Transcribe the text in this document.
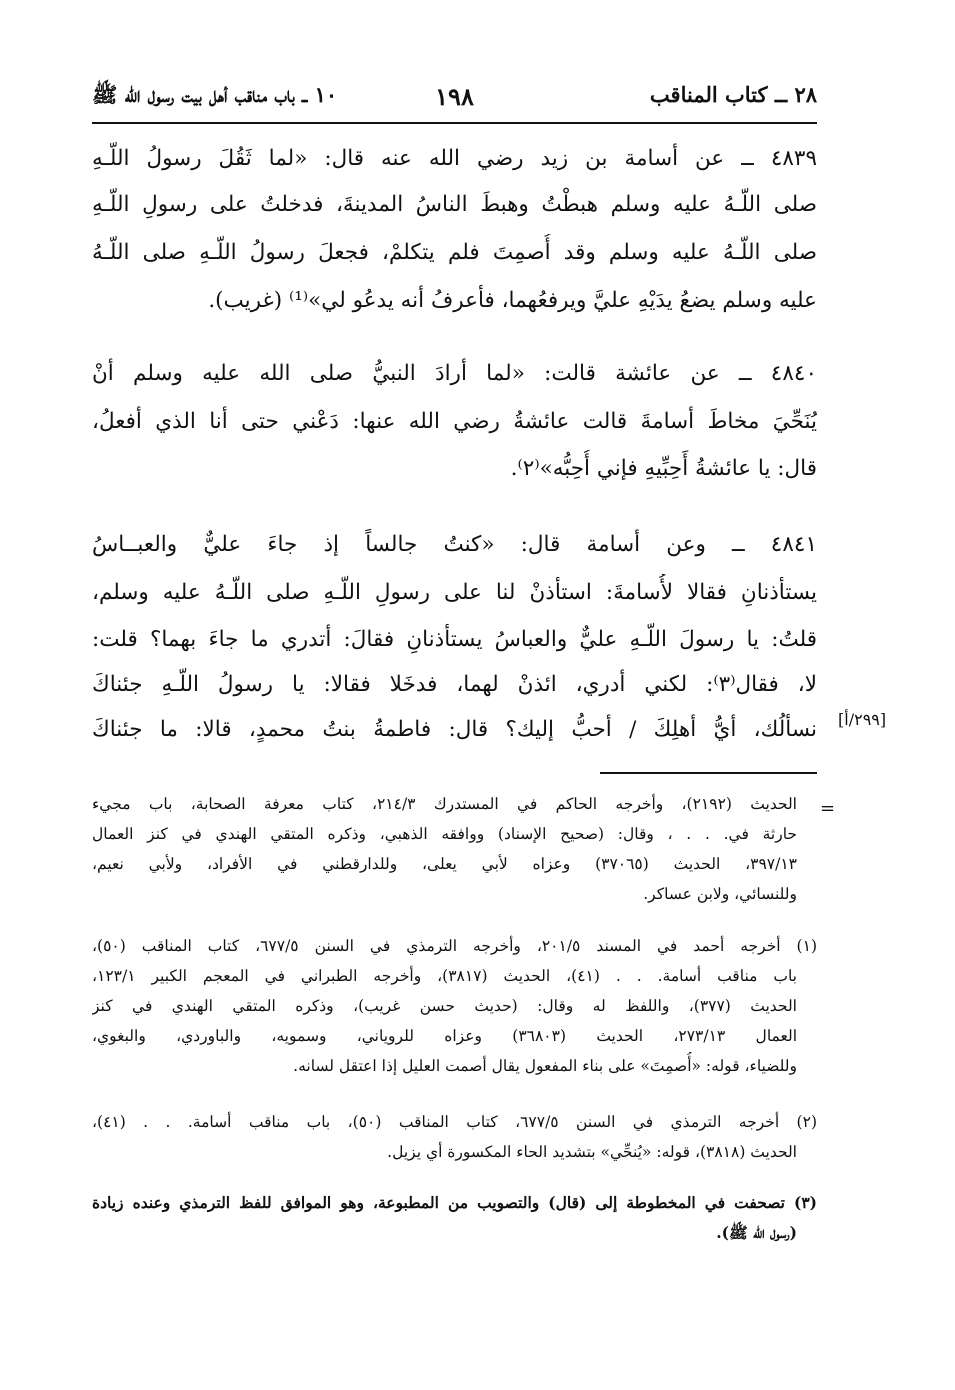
٢٨ ــ كتاب المناقب
١٩٨
١٠ ــ باب مناقب أهل بيت رسول الله ﷺ
٤٨٣٩ ــ عن أسامة بن زيد رضي الله عنه قال: «لما ثَقُلَ رسولُ اللّـهِ
صلى اللّـهُ عليه وسلم هبطْتُ وهبطَ الناسُ المدينةَ، فدخلتُ على رسولِ اللّـهِ
صلى اللّـهُ عليه وسلم وقد أُصمِتَ فلم يتكلمْ، فجعلَ رسولُ اللّـهِ صلى اللّـهُ
عليه وسلم يضعُ يدَيْهِ عليَّ ويرفعُهما، فأعرفُ أنه يدعُو لي»⁽¹⁾ (غريب).
٤٨٤٠ ــ عن عائشة قالت: «لما أرادَ النبيُّ صلى الله عليه وسلم أنْ
يُنَحِّيَ مخاطَ أسامةَ قالت عائشةُ رضي الله عنها: دَعْني حتى أنا الذي أفعلُ،
قال: يا عائشةُ أَحِبِّيهِ فإني أُحِبُّه»⁽٢⁾.
٤٨٤١ ــ وعن أسامة قال: «كنتُ جالساً إذ جاءَ عليٌّ والعبــاسُ
يستأذنانِ فقالا لأُسامةَ: استأذنْ لنا على رسولِ اللّـهِ صلى اللّـهُ عليه وسلم،
قلتُ: يا رسولَ اللّـهِ عليٌّ والعباسُ يستأذنانِ فقالَ: أتدري ما جاءَ بهما؟ قلت:
لا، فقال⁽٣⁾: لكني أدري، ائذنْ لهما، فدخَلا فقالا: يا رسولُ اللّـهِ جئناكَ
نسألُك، أيُّ أهلِكَ / أحبُّ إليك؟ قال: فاطمةُ بنتُ محمدٍ، قالا: ما جئناكَ [٢٩٩/أ]
=
الحديث (٢١٩٢)، وأخرجه الحاكم في المستدرك ٢١٤/٣، كتاب معرفة الصحابة، باب مجيء
حارثة في. . . ، وقال: (صحيح الإسناد) ووافقه الذهبي، وذكره المتقي الهندي في كنز العمال
٣٩٧/١٣، الحديث (٣٧٠٦٥) وعزاه لأبي يعلى، وللدارقطني في الأفراد، ولأبي نعيم،
وللنسائي، ولابن عساكر.
(١) أخرجه أحمد في المسند ٢٠١/٥، وأخرجه الترمذي في السنن ٦٧٧/٥، كتاب المناقب (٥٠)،
باب مناقب أسامة. . . (٤١)، الحديث (٣٨١٧)، وأخرجه الطبراني في المعجم الكبير ١٢٣/١،
الحديث (٣٧٧)، واللفظ له وقال: (حديث حسن غريب)، وذكره المتقي الهندي في كنز
العمال ٢٧٣/١٣، الحديث (٣٦٨٠٣) وعزاه للروياني، وسمويه، والباوردي، والبغوي،
وللضياء، قوله: «أُصمِتَ» على بناء المفعول يقال أصمت العليل إذا اعتقل لسانه.
(٢) أخرجه الترمذي في السنن ٦٧٧/٥، كتاب المناقب (٥٠)، باب مناقب أسامة. . . (٤١)،
الحديث (٣٨١٨)، قوله: «يُنحِّي» بتشديد الحاء المكسورة أي يزيل.
(٣) تصحفت في المخطوطة إلى (قال) والتصويب من المطبوعة، وهو الموافق للفظ الترمذي وعنده زيادة
(رسول الله ﷺ).
